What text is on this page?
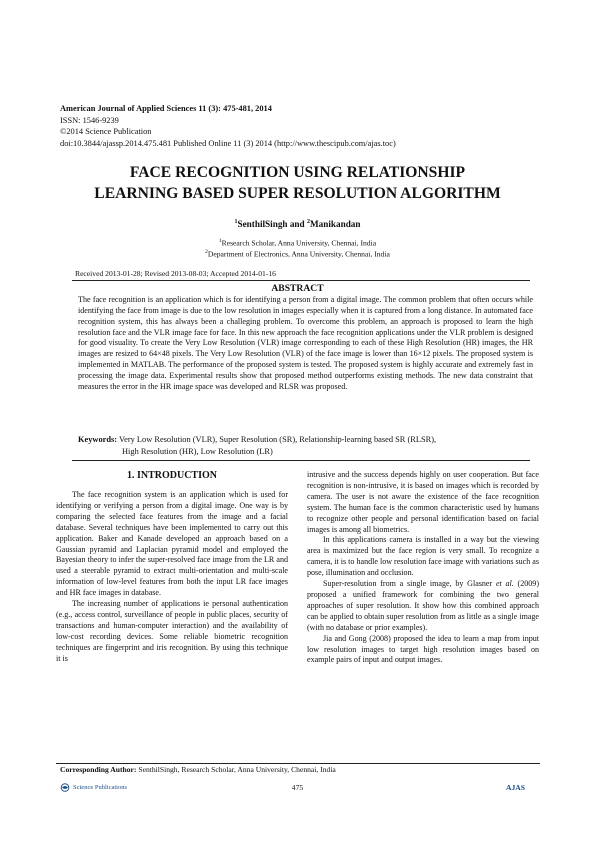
American Journal of Applied Sciences 11 (3): 475-481, 2014
ISSN: 1546-9239
©2014 Science Publication
doi:10.3844/ajassp.2014.475.481 Published Online 11 (3) 2014 (http://www.thescipub.com/ajas.toc)
FACE RECOGNITION USING RELATIONSHIP
LEARNING BASED SUPER RESOLUTION ALGORITHM
$^1$SenthilSingh and $^2$Manikandan
$^1$Research Scholar, Anna University, Chennai, India
$^2$Department of Electronics, Anna University, Chennai, India
Received 2013-01-28; Revised 2013-08-03; Accepted 2014-01-16
ABSTRACT
The face recognition is an application which is for identifying a person from a digital image. The common problem that often occurs while identifying the face from image is due to the low resolution in images especially when it is captured from a long distance. In automated face recognition system, this has always been a challeging problem. To overcome this problem, an approach is proposed to learn the high resolution face and the VLR image face for face. In this new approach the face recognition applications under the VLR problem is designed for good visuality. To create the Very Low Resolution (VLR) image corresponding to each of these High Resolution (HR) images, the HR images are resized to 64×48 pixels. The Very Low Resolution (VLR) of the face image is lower than 16×12 pixels. The proposed system is implemented in MATLAB. The performance of the proposed system is tested. The proposed system is highly accurate and extremely fast in processing the image data. Experimental results show that proposed method outperforms existing methods. The new data constraint that measures the error in the HR image space was developed and RLSR was proposed.
Keywords: Very Low Resolution (VLR), Super Resolution (SR), Relationship-learning based SR (RLSR),
High Resolution (HR), Low Resolution (LR)
1. INTRODUCTION

The face recognition system is an application which is used for identifying or verifying a person from a digital image. One way is by comparing the selected face features from the image and a facial database. Several techniques have been implemented to carry out this application. Baker and Kanade developed an approach based on a Gaussian pyramid and Laplacian pyramid model and employed the Bayesian theory to infer the super-resolved face image from the LR and used a steerable pyramid to extract multi-orientation and multi-scale information of low-level features from both the input LR face images and HR face images in database.

The increasing number of applications ie personal authentication (e.g., access control, surveillance of people in public places, security of transactions and human-computer interaction) and the availability of low-cost recording devices. Some reliable biometric recognition techniques are fingerprint and iris recognition. By using this technique it is

intrusive and the success depends highly on user cooperation. But face recognition is non-intrusive, it is based on images which is recorded by camera. The user is not aware the existence of the face recognition system. The human face is the common characteristic used by humans to recognize other people and personal identification based on facial images is among all biometrics.

In this applications camera is installed in a way but the viewing area is maximized but the face region is very small. To recognize a camera, it is to handle low resolution face image with variations such as pose, illumination and occlusion.

Super-resolution from a single image, by Glasner et al. (2009) proposed a unified framework for combining the two general approaches of super resolution. It show how this combined approach can be applied to obtain super resolution from as little as a single image (with no database or prior examples).

Jia and Gong (2008) proposed the idea to learn a map from input low resolution images to target high resolution images based on example pairs of input and output images.

Corresponding Author: SenthilSingh, Research Scholar, Anna University, Chennai, India
Science Publications	475	AJAS
